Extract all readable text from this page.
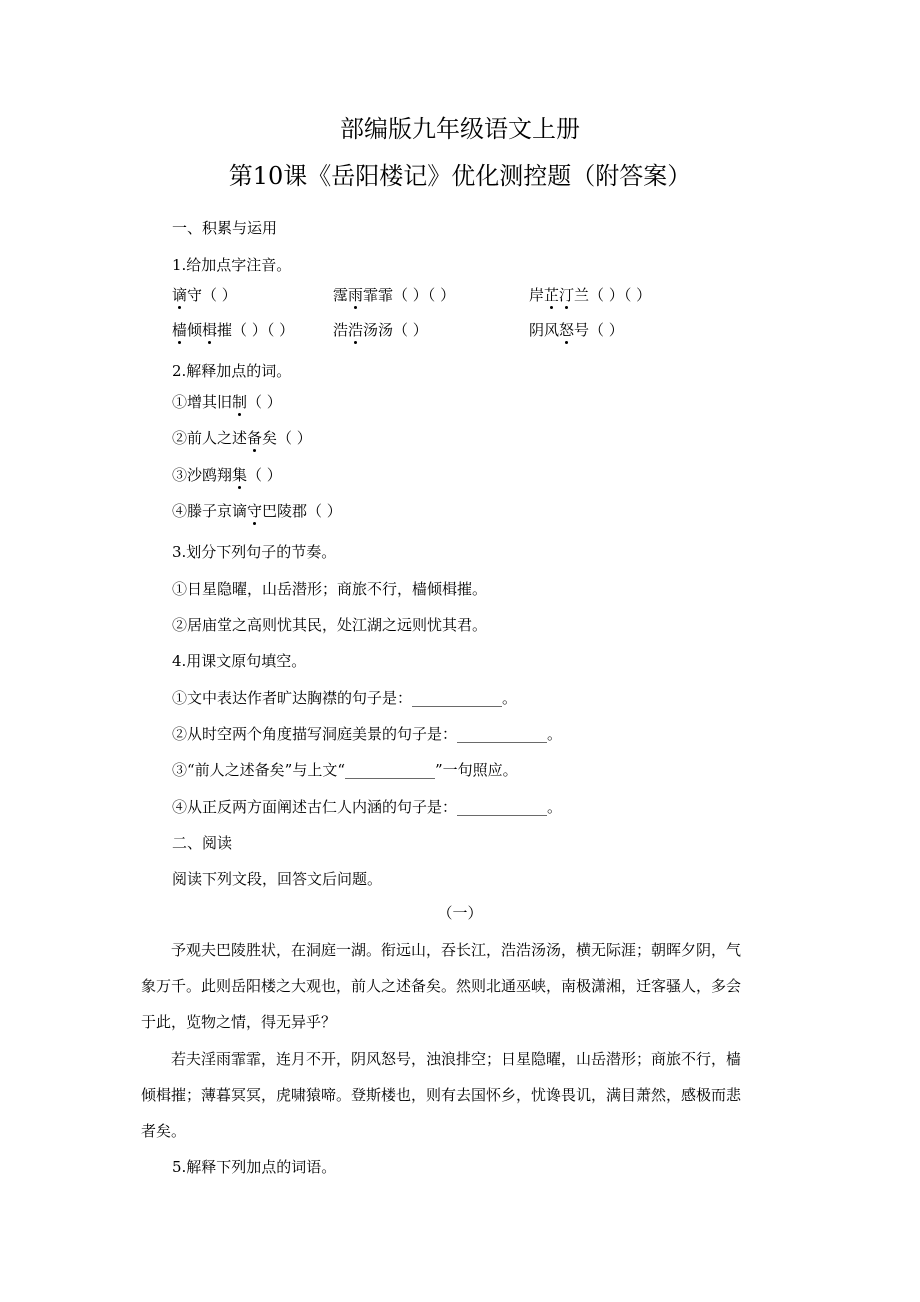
部编版九年级语文上册
第10课《岳阳楼记》优化测控题（附答案）
一、积累与运用
1.给加点字注音。
谪守（ ）	霪雨霏霏（ ）（ ）	岸芷汀兰（ ）（ ）
樯倾楫摧（ ）（ ）	浩浩汤汤（ ）	阴风怒号（ ）
2.解释加点的词。
①增其旧制（ ）
②前人之述备矣（ ）
③沙鸥翔集（ ）
④滕子京谪守巴陵郡（ ）
3.划分下列句子的节奏。
①日星隐曜，山岳潜形；商旅不行，樯倾楫摧。
②居庙堂之高则忧其民，处江湖之远则忧其君。
4.用课文原句填空。
①文中表达作者旷达胸襟的句子是：____________。
②从时空两个角度描写洞庭美景的句子是：____________。
③“前人之述备矣”与上文“____________”一句照应。
④从正反两方面阐述古仁人内涵的句子是：____________。
二、阅读
阅读下列文段，回答文后问题。
（一）
　　予观夫巴陵胜状，在洞庭一湖。衔远山，吞长江，浩浩汤汤，横无际涯；朝晖夕阴，气
象万千。此则岳阳楼之大观也，前人之述备矣。然则北通巫峡，南极潇湘，迁客骚人，多会
于此，览物之情，得无异乎？
　　若夫淫雨霏霏，连月不开，阴风怒号，浊浪排空；日星隐曜，山岳潜形；商旅不行，樯
倾楫摧；薄暮冥冥，虎啸猿啼。登斯楼也，则有去国怀乡，忧谗畏讥，满目萧然，感极而悲
者矣。
5.解释下列加点的词语。
